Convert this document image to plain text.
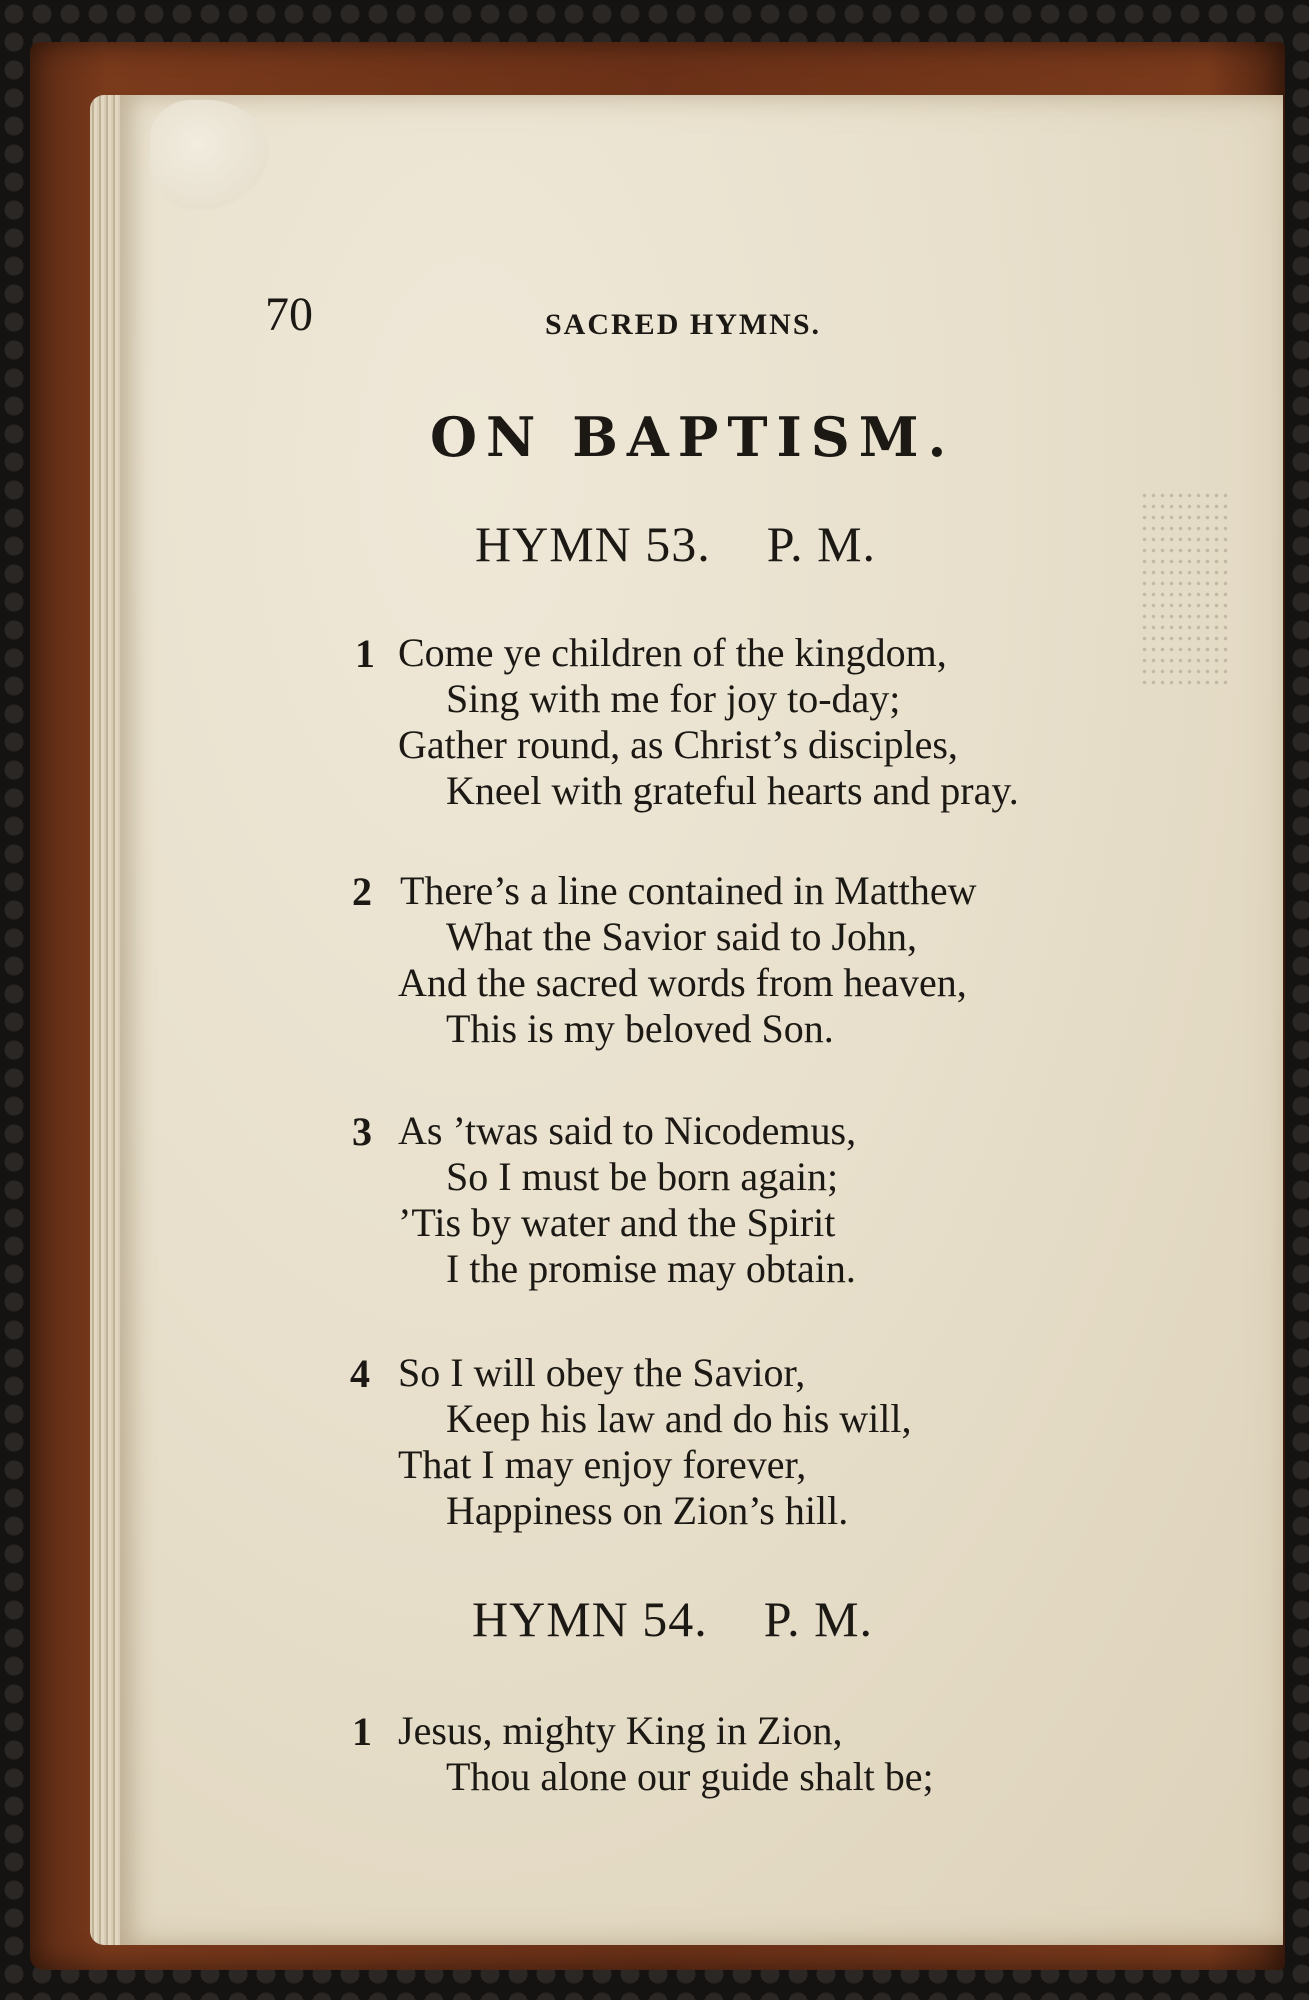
70	SACRED HYMNS.

ON BAPTISM.

HYMN 53. P. M.

1 Come ye children of the kingdom,

Sing with me for joy to-day;

Gather round, as Christ’s disciples,

Kneel with grateful hearts and pray.

2 There’s a line contained in Matthew

What the Savior said to John,

And the sacred words from heaven,

This is my beloved Son.

3 As ’twas said to Nicodemus,

So I must be born again;

’Tis by water and the Spirit

I the promise may obtain.

4 So I will obey the Savior,

Keep his law and do his will,

That I may enjoy forever,

Happiness on Zion’s hill.

HYMN 54. P. M.

1 Jesus, mighty King in Zion,

Thou alone our guide shalt be;
